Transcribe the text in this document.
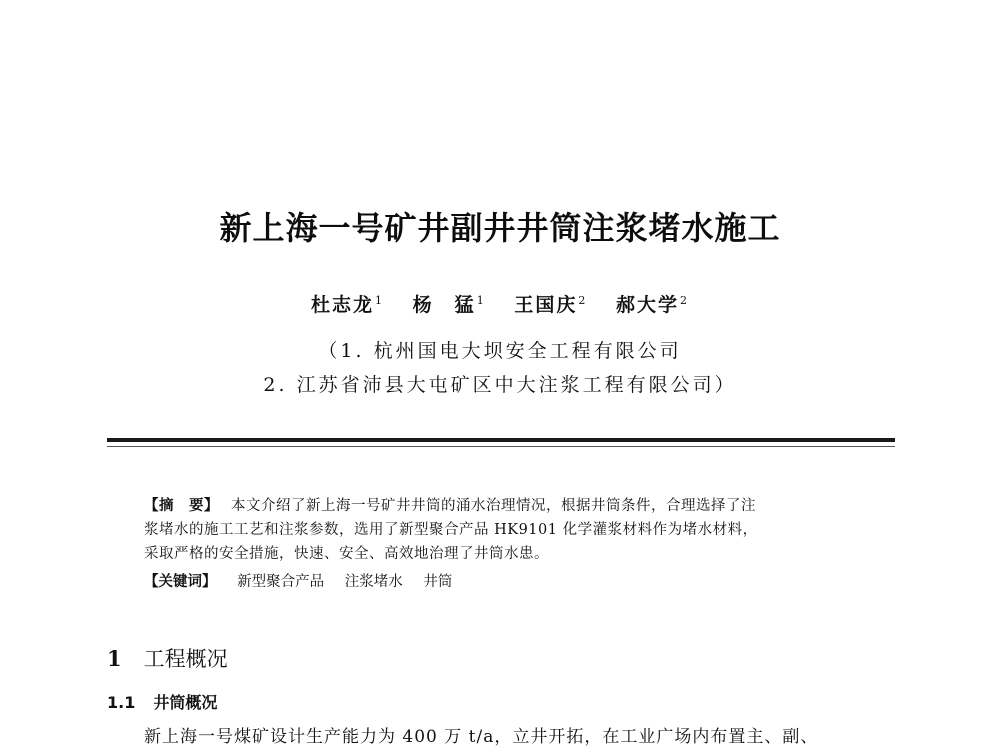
新上海一号矿井副井井筒注浆堵水施工
杜志龙$^1$ 杨　猛$^1$ 王国庆$^2$ 郝大学$^2$
（1. 杭州国电大坝安全工程有限公司
2. 江苏省沛县大屯矿区中大注浆工程有限公司）
【摘　要】 本文介绍了新上海一号矿井井筒的涌水治理情况，根据井筒条件，合理选择了注
浆堵水的施工工艺和注浆参数，选用了新型聚合产品 HK9101 化学灌浆材料作为堵水材料，
采取严格的安全措施，快速、安全、高效地治理了井筒水患。
【关键词】 新型聚合产品 注浆堵水 井筒
1 工程概况
1.1 井筒概况
新上海一号煤矿设计生产能力为 400 万 t/a，立井开拓，在工业广场内布置主、副、
